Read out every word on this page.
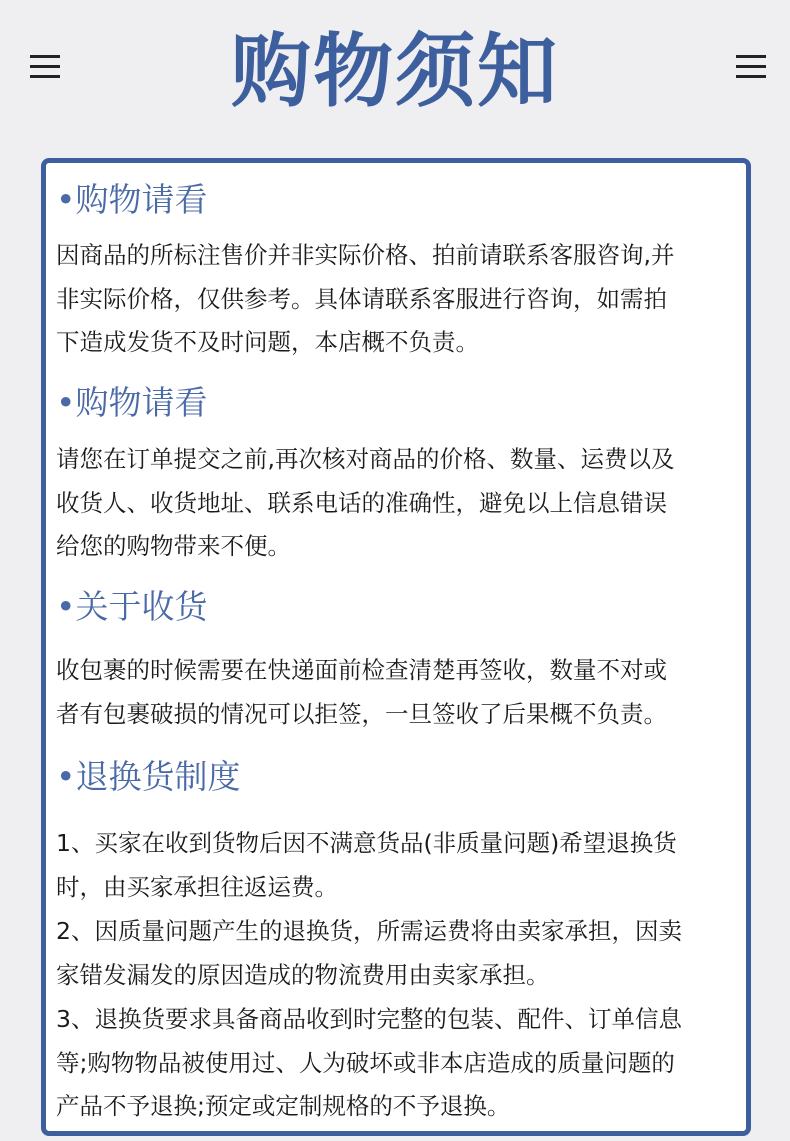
购物须知
•购物请看

因商品的所标注售价并非实际价格、拍前请联系客服咨询,并
非实际价格，仅供参考。具体请联系客服进行咨询，如需拍
下造成发货不及时问题，本店概不负责。

•购物请看

请您在订单提交之前,再次核对商品的价格、数量、运费以及
收货人、收货地址、联系电话的准确性，避免以上信息错误
给您的购物带来不便。

•关于收货

收包裹的时候需要在快递面前检查清楚再签收，数量不对或
者有包裹破损的情况可以拒签，一旦签收了后果概不负责。

•退换货制度

1、买家在收到货物后因不满意货品(非质量问题)希望退换货
时，由买家承担往返运费。

2、因质量问题产生的退换货，所需运费将由卖家承担，因卖
家错发漏发的原因造成的物流费用由卖家承担。

3、退换货要求具备商品收到时完整的包装、配件、订单信息
等;购物物品被使用过、人为破坏或非本店造成的质量问题的
产品不予退换;预定或定制规格的不予退换。
